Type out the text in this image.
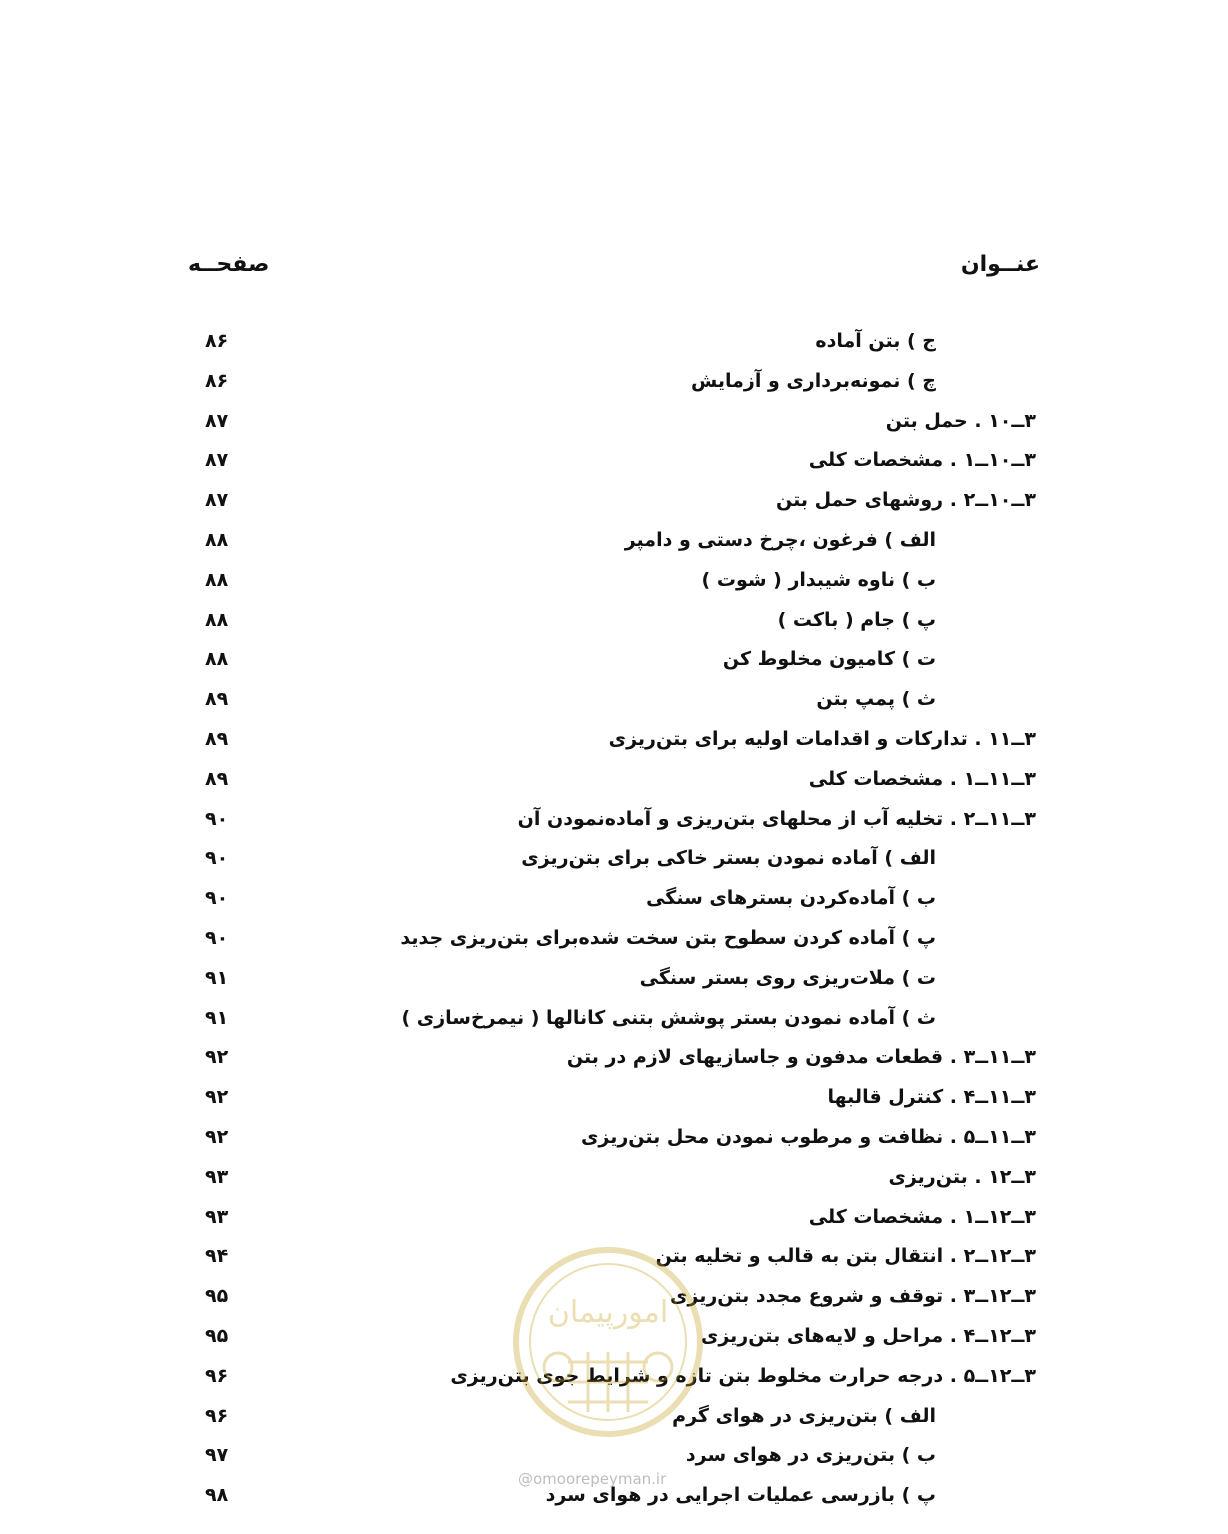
عنــوان
صفحــه
ج ) بتن آماده
۸۶
چ ) نمونه‌برداری و آزمایش
۸۶
۳ــ۱۰ . حمل بتن
۸۷
۳ــ۱۰ــ۱ . مشخصات کلی
۸۷
۳ــ۱۰ــ۲ . روشهای حمل بتن
۸۷
الف ) فرغون ،چرخ دستی و دامپر
۸۸
ب ) ناوه شیبدار ( شوت )
۸۸
پ ) جام ( باکت )
۸۸
ت ) کامیون مخلوط کن
۸۸
ث ) پمپ بتن
۸۹
۳ــ۱۱ . تدارکات و اقدامات اولیه برای بتن‌ریزی
۸۹
۳ــ۱۱ــ۱ . مشخصات کلی
۸۹
۳ــ۱۱ــ۲ . تخلیه آب از محلهای بتن‌ریزی و آماده‌نمودن آن
۹۰
الف ) آماده نمودن بستر خاکی برای بتن‌ریزی
۹۰
ب ) آماده‌کردن بسترهای سنگی
۹۰
پ ) آماده کردن سطوح بتن سخت شده‌برای بتن‌ریزی جدید
۹۰
ت ) ملات‌ریزی روی بستر سنگی
۹۱
ث ) آماده نمودن بستر پوشش بتنی کانالها ( نیمرخ‌سازی )
۹۱
۳ــ۱۱ــ۳ . قطعات مدفون و جاسازیهای لازم در بتن
۹۲
۳ــ۱۱ــ۴ . کنترل قالبها
۹۲
۳ــ۱۱ــ۵ . نظافت و مرطوب نمودن محل بتن‌ریزی
۹۲
۳ــ۱۲ . بتن‌ریزی
۹۳
۳ــ۱۲ــ۱ . مشخصات کلی
۹۳
۳ــ۱۲ــ۲ . انتقال بتن به قالب و تخلیه بتن
۹۴
۳ــ۱۲ــ۳ . توقف و شروع مجدد بتن‌ریزی
۹۵
۳ــ۱۲ــ۴ . مراحل و لایه‌های بتن‌ریزی
۹۵
۳ــ۱۲ــ۵ . درجه حرارت مخلوط بتن تازه و شرایط جوی بتن‌ریزی
۹۶
الف ) بتن‌ریزی در هوای گرم
۹۶
ب ) بتن‌ریزی در هوای سرد
۹۷
پ ) بازرسی عملیات اجرایی در هوای سرد
۹۸
امورپیمان
@omoorepeyman.ir
